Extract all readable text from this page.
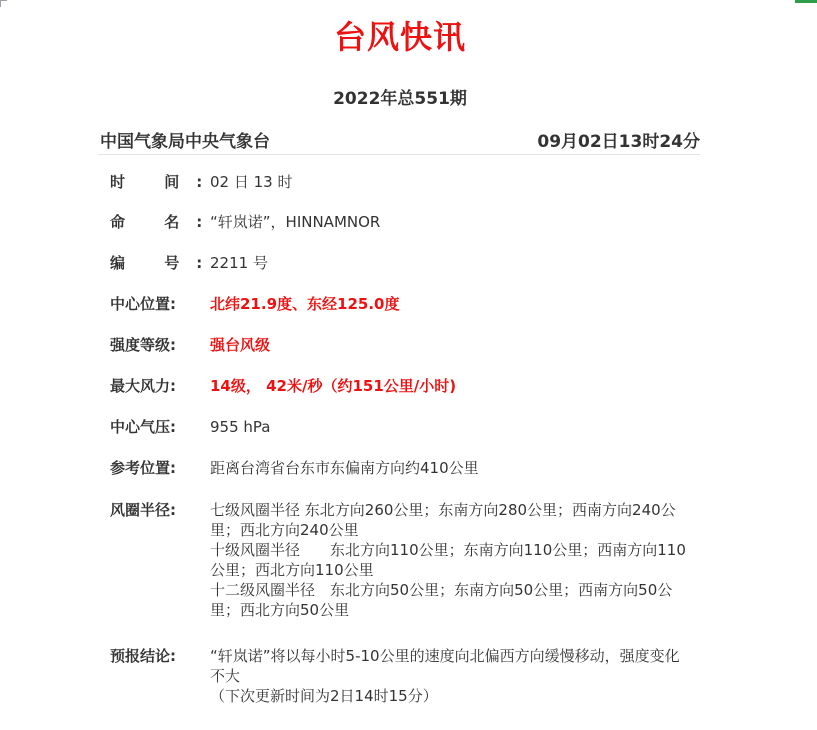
台风快讯
2022年总551期
中国气象局中央气象台	09月02日13时24分
时 间:
02 日 13 时
命 名:
“轩岚诺”，HINNAMNOR
编 号:
2211 号
中心位置:	北纬21.9度、东经125.0度
强度等级:	强台风级
最大风力:	14级， 42米/秒（约151公里/小时)
中心气压:	955 hPa
参考位置:	距离台湾省台东市东偏南方向约410公里
风圈半径:	七级风圈半径 东北方向260公里；东南方向280公里；西南方向240公里；西北方向240公里
十级风圈半径　　东北方向110公里；东南方向110公里；西南方向110公里；西北方向110公里
十二级风圈半径　东北方向50公里；东南方向50公里；西南方向50公里；西北方向50公里
预报结论:	“轩岚诺”将以每小时5-10公里的速度向北偏西方向缓慢移动，强度变化不大
（下次更新时间为2日14时15分）
